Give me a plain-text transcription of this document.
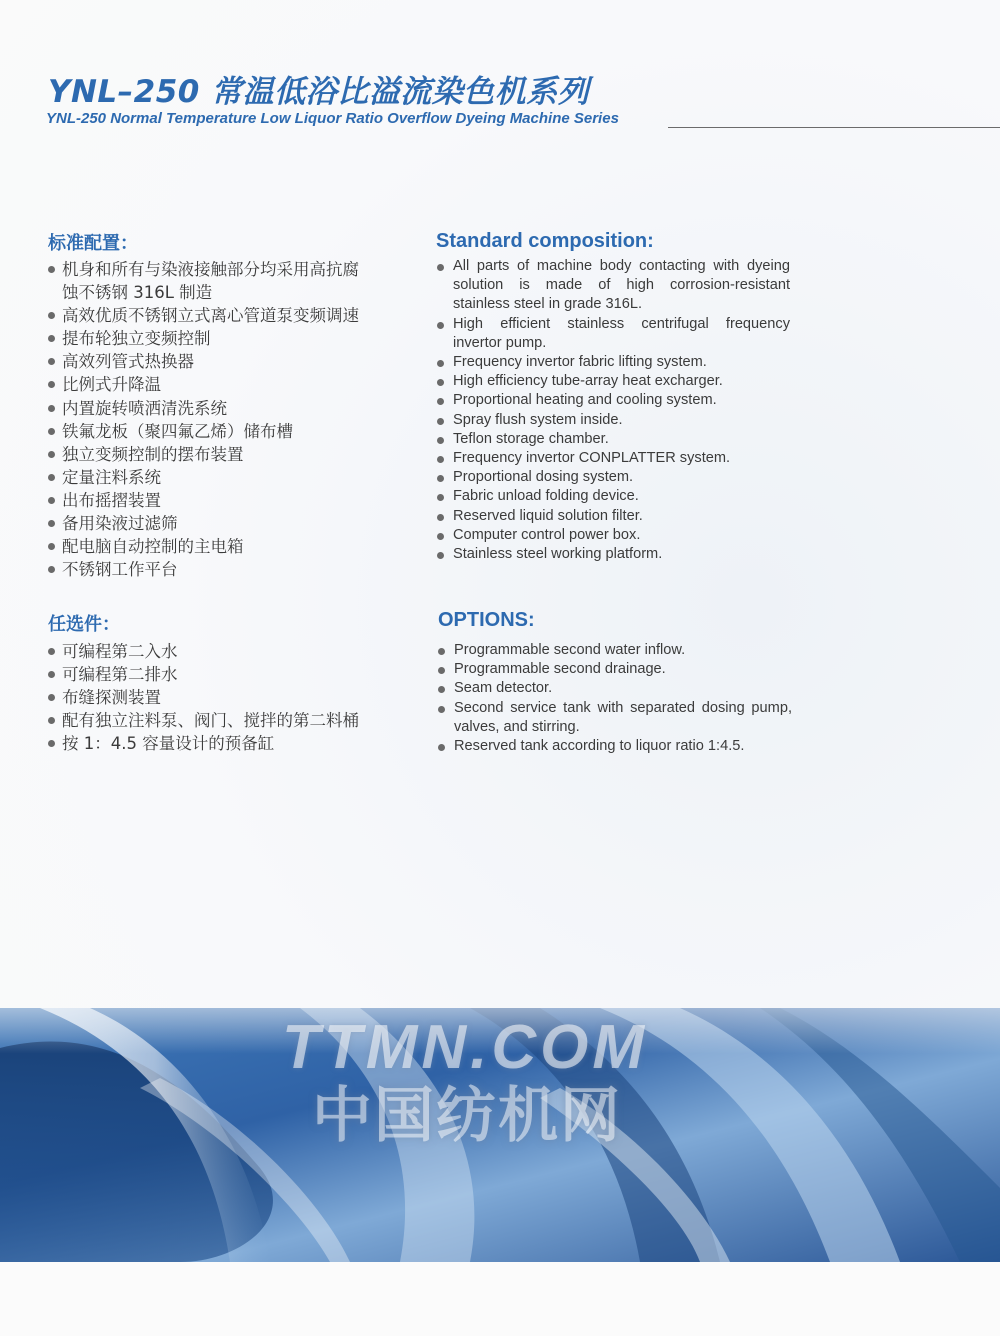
YNL–250 常温低浴比溢流染色机系列
YNL-250 Normal Temperature Low Liquor Ratio Overflow Dyeing Machine Series
标准配置：
机身和所有与染液接触部分均采用高抗腐
蚀不锈钢 316L 制造
高效优质不锈钢立式离心管道泵变频调速
提布轮独立变频控制
高效列管式热换器
比例式升降温
内置旋转喷洒清洗系统
铁氟龙板（聚四氟乙烯）储布槽
独立变频控制的摆布装置
定量注料系统
出布摇摺装置
备用染液过滤筛
配电脑自动控制的主电箱
不锈钢工作平台
Standard composition:
All parts of machine body contacting with dyeing solution is made of high corrosion-resistant stainless steel in grade 316L.
High efficient stainless centrifugal frequency invertor pump.
Frequency invertor fabric lifting system.
High efficiency tube-array heat excharger.
Proportional heating and cooling system.
Spray flush system inside.
Teflon storage chamber.
Frequency invertor CONPLATTER system.
Proportional dosing system.
Fabric unload folding device.
Reserved liquid solution filter.
Computer control power box.
Stainless steel working platform.
任选件：
可编程第二入水
可编程第二排水
布缝探测装置
配有独立注料泵、阀门、搅拌的第二料桶
按 1：4.5 容量设计的预备缸
OPTIONS:
Programmable second water inflow.
Programmable second drainage.
Seam detector.
Second service tank with separated dosing pump, valves, and stirring.
Reserved tank according to liquor ratio 1:4.5.
TTMN.COM
中国纺机网
